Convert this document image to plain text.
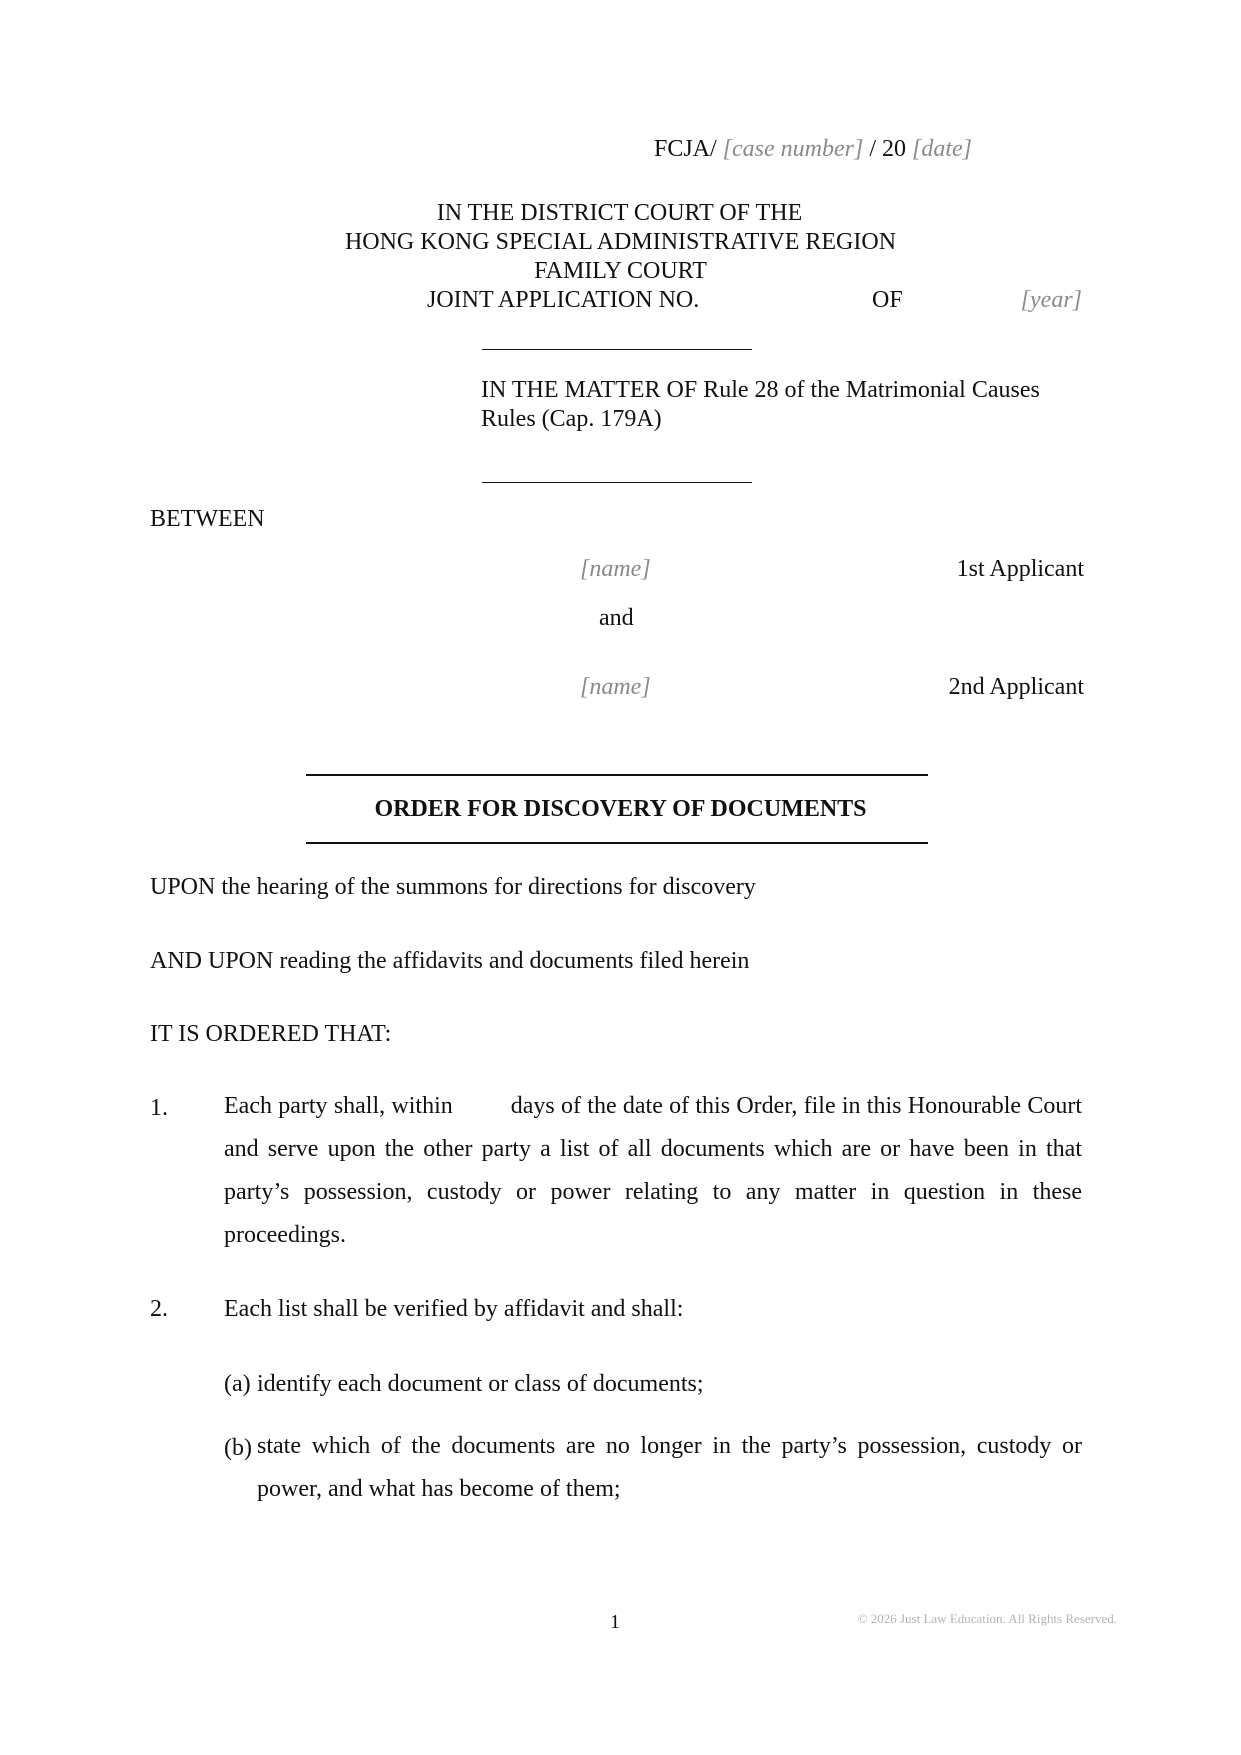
FCJA/ [case number] / 20 [date]
IN THE DISTRICT COURT OF THE
HONG KONG SPECIAL ADMINISTRATIVE REGION
FAMILY COURT
JOINT APPLICATION NO.	OF	[year]
IN THE MATTER OF Rule 28 of the Matrimonial Causes
Rules (Cap. 179A)
BETWEEN
[name]	1st Applicant
and
[name]	2nd Applicant
ORDER FOR DISCOVERY OF DOCUMENTS
UPON the hearing of the summons for directions for discovery
AND UPON reading the affidavits and documents filed herein
IT IS ORDERED THAT:
1. Each party shall, within days of the date of this Order, file in this Honourable Court and serve upon the other party a list of all documents which are or have been in that party’s possession, custody or power relating to any matter in question in these proceedings.
2. Each list shall be verified by affidavit and shall:
(a) identify each document or class of documents;
(b) state which of the documents are no longer in the party’s possession, custody or power, and what has become of them;
1	© 2026 Just Law Education. All Rights Reserved.
